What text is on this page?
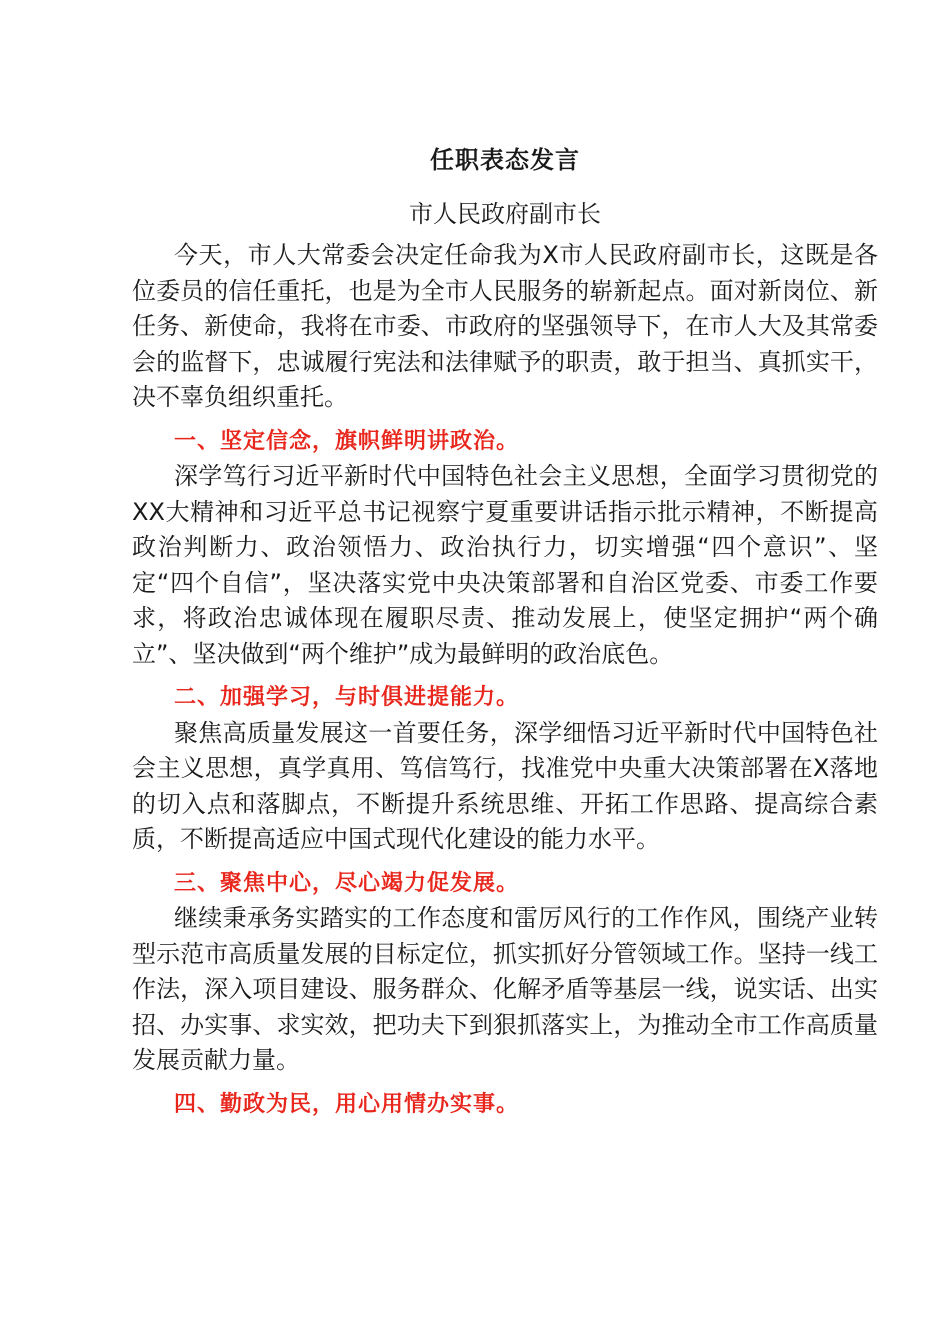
任职表态发言

市人民政府副市长

今天，市人大常委会决定任命我为X市人民政府副市长，这既是各位委员的信任重托，也是为全市人民服务的崭新起点。面对新岗位、新任务、新使命，我将在市委、市政府的坚强领导下，在市人大及其常委会的监督下，忠诚履行宪法和法律赋予的职责，敢于担当、真抓实干，决不辜负组织重托。

一、坚定信念，旗帜鲜明讲政治。

深学笃行习近平新时代中国特色社会主义思想，全面学习贯彻党的XX大精神和习近平总书记视察宁夏重要讲话指示批示精神，不断提高政治判断力、政治领悟力、政治执行力，切实增强“四个意识”、坚定“四个自信”，坚决落实党中央决策部署和自治区党委、市委工作要求，将政治忠诚体现在履职尽责、推动发展上，使坚定拥护“两个确立”、坚决做到“两个维护”成为最鲜明的政治底色。

二、加强学习，与时俱进提能力。

聚焦高质量发展这一首要任务，深学细悟习近平新时代中国特色社会主义思想，真学真用、笃信笃行，找准党中央重大决策部署在X落地的切入点和落脚点，不断提升系统思维、开拓工作思路、提高综合素质，不断提高适应中国式现代化建设的能力水平。

三、聚焦中心，尽心竭力促发展。

继续秉承务实踏实的工作态度和雷厉风行的工作作风，围绕产业转型示范市高质量发展的目标定位，抓实抓好分管领域工作。坚持一线工作法，深入项目建设、服务群众、化解矛盾等基层一线，说实话、出实招、办实事、求实效，把功夫下到狠抓落实上，为推动全市工作高质量发展贡献力量。

四、勤政为民，用心用情办实事。
